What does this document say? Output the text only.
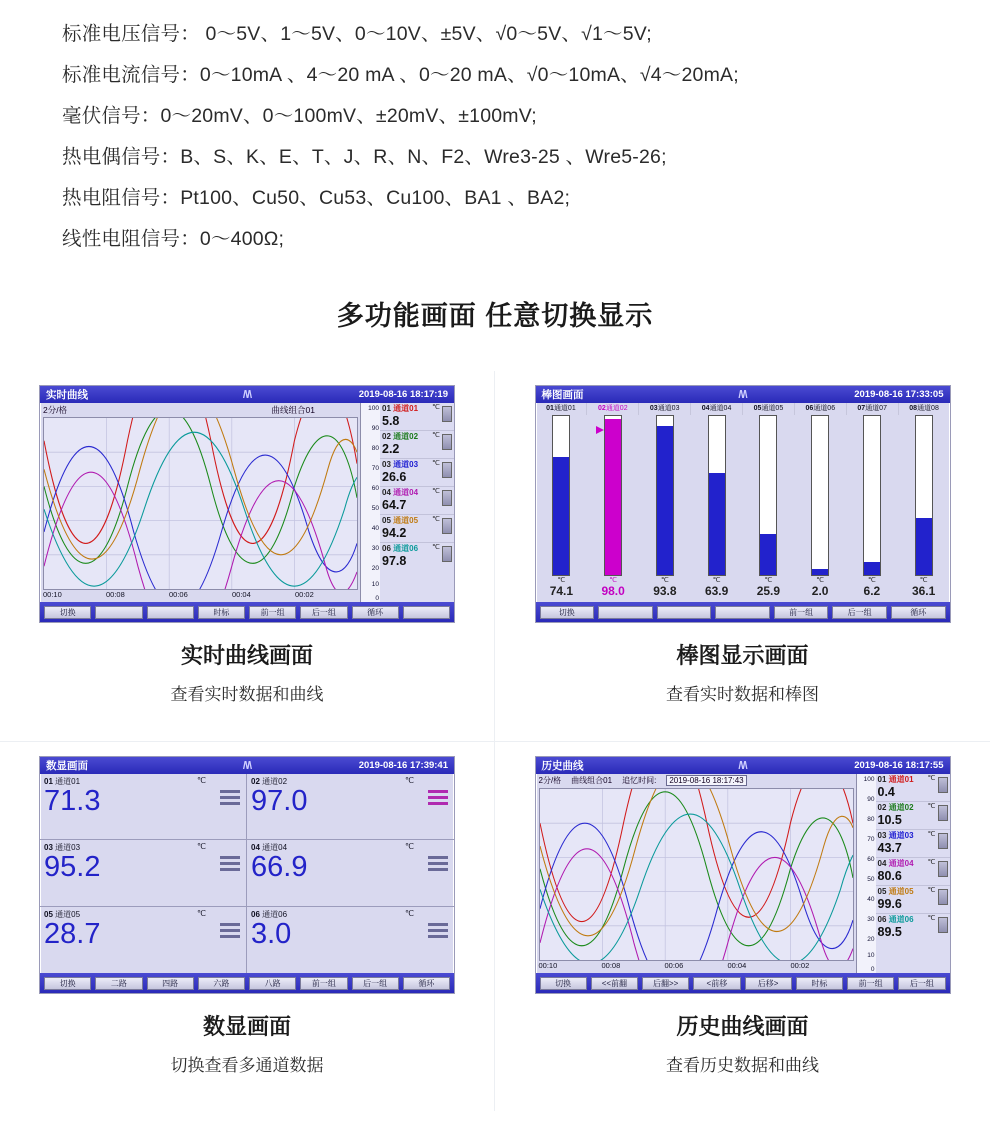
标准电压信号： 0～5V、1～5V、0～10V、±5V、√0～5V、√1～5V;
标准电流信号：0～10mA 、4～20 mA 、0～20 mA、√0～10mA、√4～20mA;
毫伏信号：0～20mV、0～100mV、±20mV、±100mV;
热电偶信号：B、S、K、E、T、J、R、N、F2、Wre3-25 、Wre5-26;
热电阻信号：Pt100、Cu50、Cu53、Cu100、BA1 、BA2;
线性电阻信号：0～400Ω;
多功能画面 任意切换显示
实时曲线	/\/\	2019-08-16 18:17:19
2分/格	曲线组合01
00:10	00:08	00:06	00:04	00:02
100
90
80
70
60
50
40
30
20
10
0
01 通道01	℃
5.8
02 通道02	℃
2.2
03 通道03	℃
26.6
04 通道04	℃
64.7
05 通道05	℃
94.2
06 通道06	℃
97.8
切换	时标	前一组	后一组	循环
实时曲线画面
查看实时数据和曲线
棒图画面	/\/\	2019-08-16 17:33:05
01通道01	02通道02	03通道03	04通道04	05通道05	06通道06	07通道07	08通道08
℃
74.1
℃
98.0
℃
93.8
℃
63.9
℃
25.9
℃
2.0
℃
6.2
℃
36.1
切换	前一组	后一组	循环
棒图显示画面
查看实时数据和棒图
数显画面	/\/\	2019-08-16 17:39:41
01 通道01	℃
71.3
02 通道02	℃
97.0
03 通道03	℃
95.2
04 通道04	℃
66.9
05 通道05	℃
28.7
06 通道06	℃
3.0
切换	二路	四路	六路	八路	前一组	后一组	循环
数显画面
切换查看多通道数据
历史曲线	/\/\	2019-08-16 18:17:55
2分/格 曲线组合01 追忆时间:	2019-08-16 18:17:43
00:10	00:08	00:06	00:04	00:02
100
90
80
70
60
50
40
30
20
10
0
01 通道01	℃
0.4
02 通道02	℃
10.5
03 通道03	℃
43.7
04 通道04	℃
80.6
05 通道05	℃
99.6
06 通道06	℃
89.5
切换	<<前翻	后翻>>	<前移	后移>	时标	前一组	后一组
历史曲线画面
查看历史数据和曲线
